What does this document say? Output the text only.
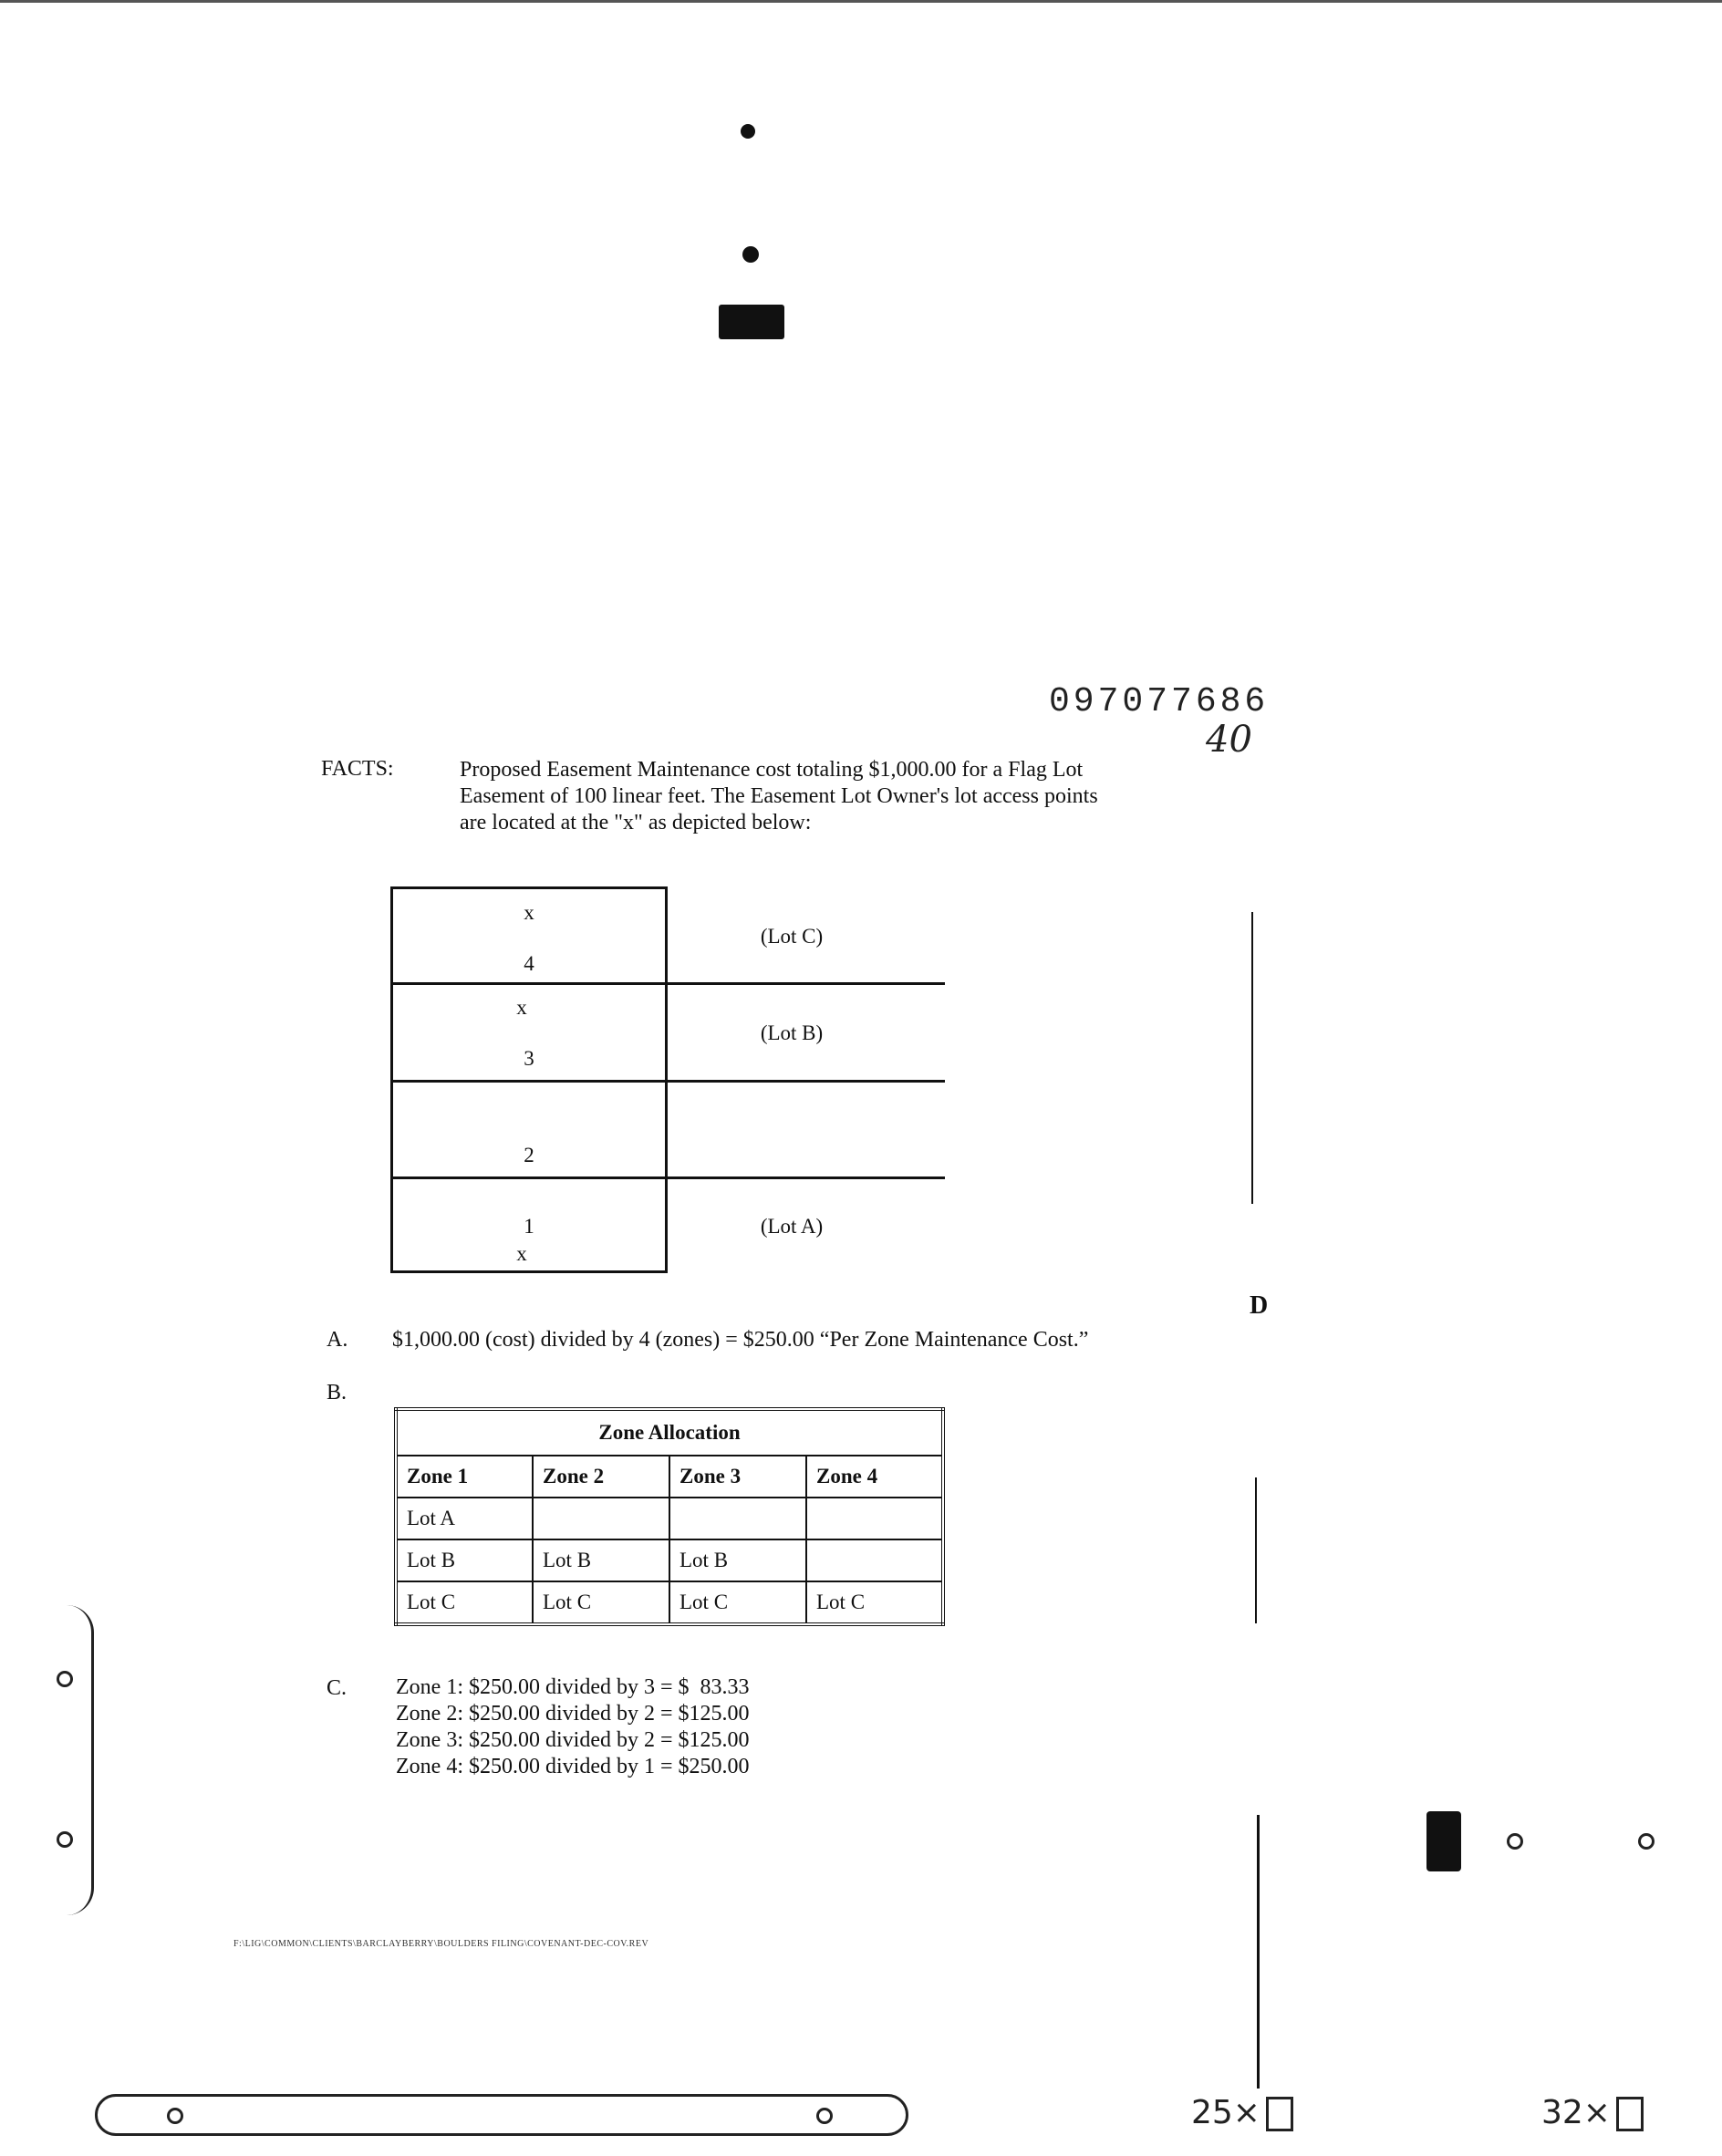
097077686
40
FACTS:	Proposed Easement Maintenance cost totaling $1,000.00 for a Flag Lot Easement of 100 linear feet. The Easement Lot Owner's lot access points are located at the "x" as depicted below:
x
4
(Lot C)
x
3
(Lot B)
2
1
x
(Lot A)
A. $1,000.00 (cost) divided by 4 (zones) = $250.00 “Per Zone Maintenance Cost.”
B.
Zone Allocation			
Zone 1	Zone 2	Zone 3	Zone 4
Lot A			
Lot B	Lot B	Lot B	
Lot C	Lot C	Lot C	Lot C
C. Zone 1: $250.00 divided by 3 = $  83.33
Zone 2: $250.00 divided by 2 = $125.00
Zone 3: $250.00 divided by 2 = $125.00
Zone 4: $250.00 divided by 1 = $250.00
F:\LIG\COMMON\CLIENTS\BARCLAYBERRY\BOULDERS FILING\COVENANT-DEC-COV.REV
D
25×	32×
